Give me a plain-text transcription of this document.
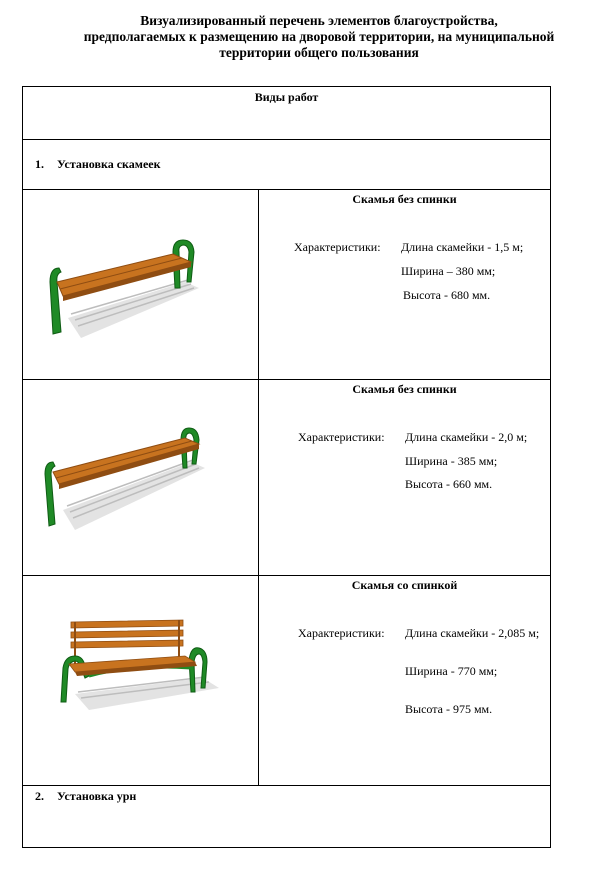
Визуализированный перечень элементов благоустройства,
предполагаемых к размещению на дворовой территории, на муниципальной
территории общего пользования
Виды работ	

1. Установка скамеек	

Скамья без спинки
Характеристики: Длина скамейки - 1,5 м;
Ширина – 380 мм;
Высота - 680 мм.

Скамья без спинки
Характеристики: Длина скамейки - 2,0 м;
Ширина - 385 мм;
Высота - 660 мм.

Скамья со спинкой
Характеристики: Длина скамейки - 2,085 м;
Ширина - 770 мм;
Высота - 975 мм.

2. Установка урн	
